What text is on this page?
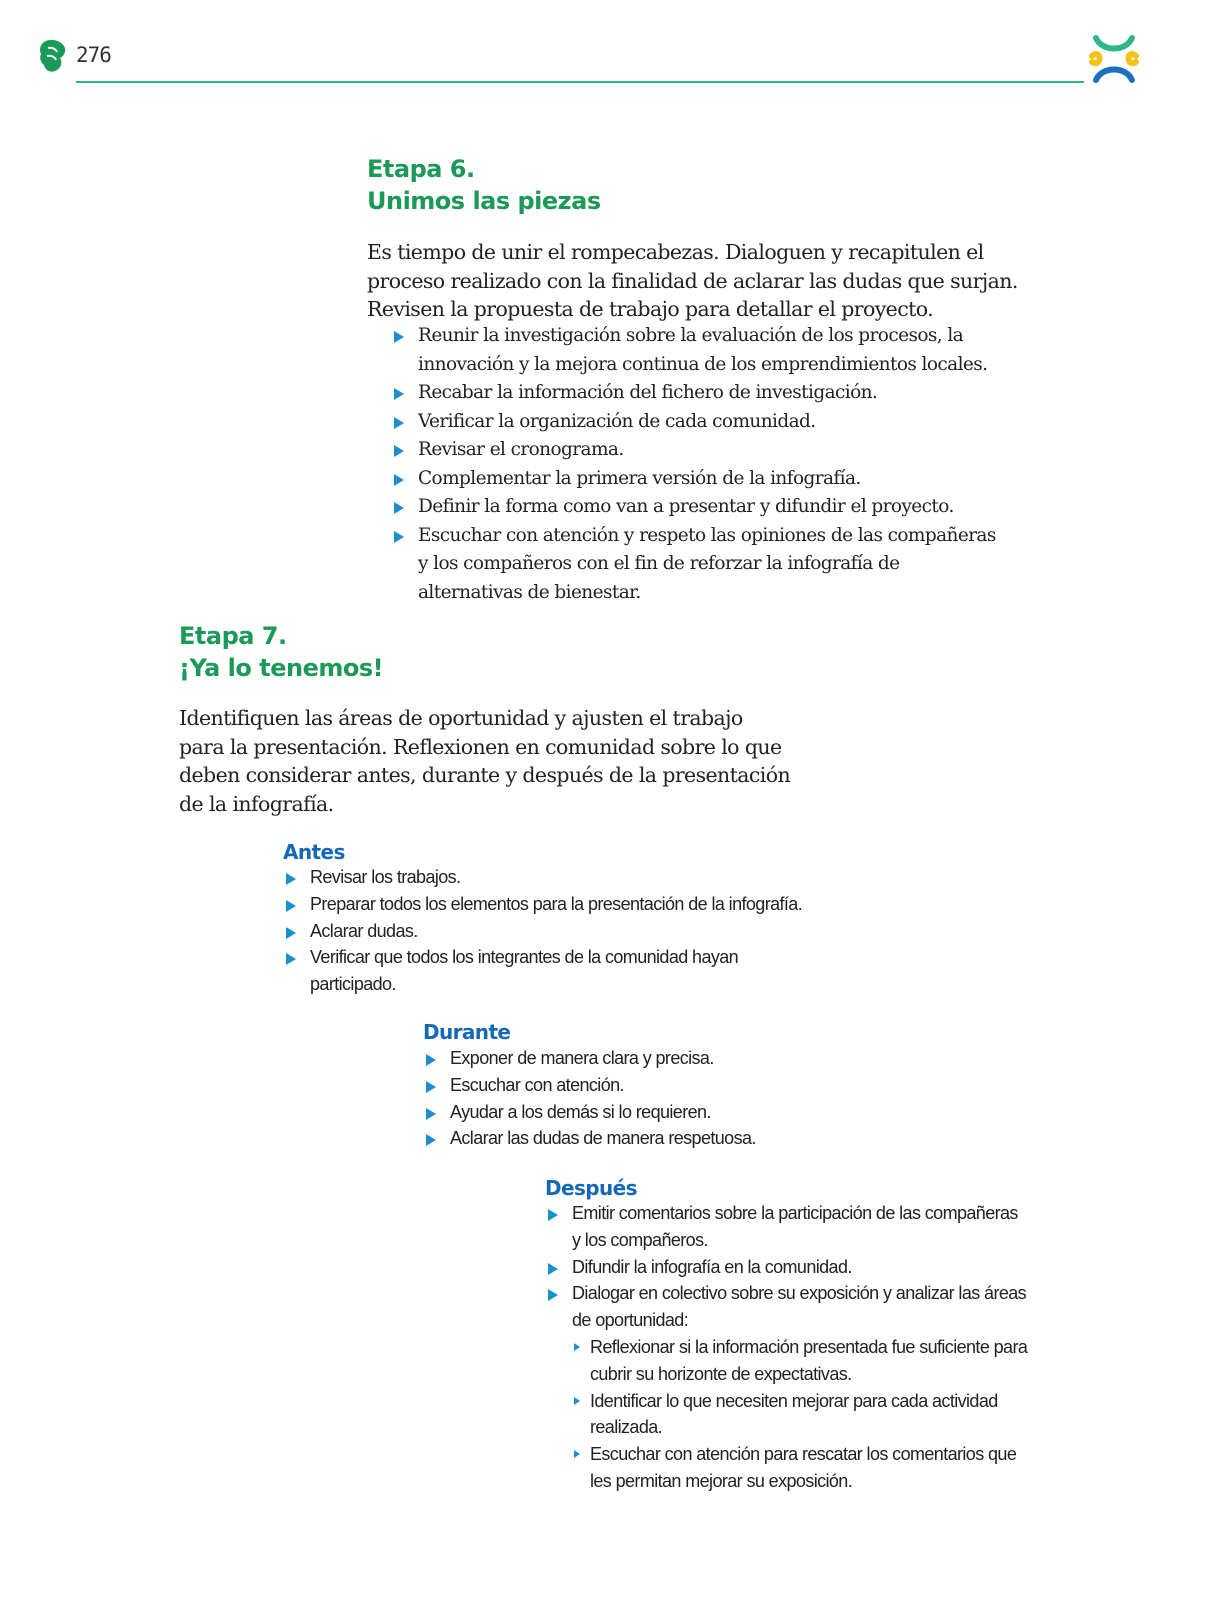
276
Etapa 6.
Unimos las piezas

Es tiempo de unir el rompecabezas. Dialoguen y recapitulen el
proceso realizado con la finalidad de aclarar las dudas que surjan.
Revisen la propuesta de trabajo para detallar el proyecto.

Reunir la investigación sobre la evaluación de los procesos, la
innovación y la mejora continua de los emprendimientos locales.
Recabar la información del fichero de investigación.
Verificar la organización de cada comunidad.
Revisar el cronograma.
Complementar la primera versión de la infografía.
Definir la forma como van a presentar y difundir el proyecto.
Escuchar con atención y respeto las opiniones de las compañeras
y los compañeros con el fin de reforzar la infografía de
alternativas de bienestar.
Etapa 7.
¡Ya lo tenemos!

Identifiquen las áreas de oportunidad y ajusten el trabajo
para la presentación. Reflexionen en comunidad sobre lo que
deben considerar antes, durante y después de la presentación
de la infografía.

Antes
Revisar los trabajos.
Preparar todos los elementos para la presentación de la infografía.
Aclarar dudas.
Verificar que todos los integrantes de la comunidad hayan
participado.
Durante
Exponer de manera clara y precisa.
Escuchar con atención.
Ayudar a los demás si lo requieren.
Aclarar las dudas de manera respetuosa.
Después
Emitir comentarios sobre la participación de las compañeras
y los compañeros.
Difundir la infografía en la comunidad.
Dialogar en colectivo sobre su exposición y analizar las áreas
de oportunidad:
Reflexionar si la información presentada fue suficiente para
cubrir su horizonte de expectativas.
Identificar lo que necesiten mejorar para cada actividad
realizada.
Escuchar con atención para rescatar los comentarios que
les permitan mejorar su exposición.
